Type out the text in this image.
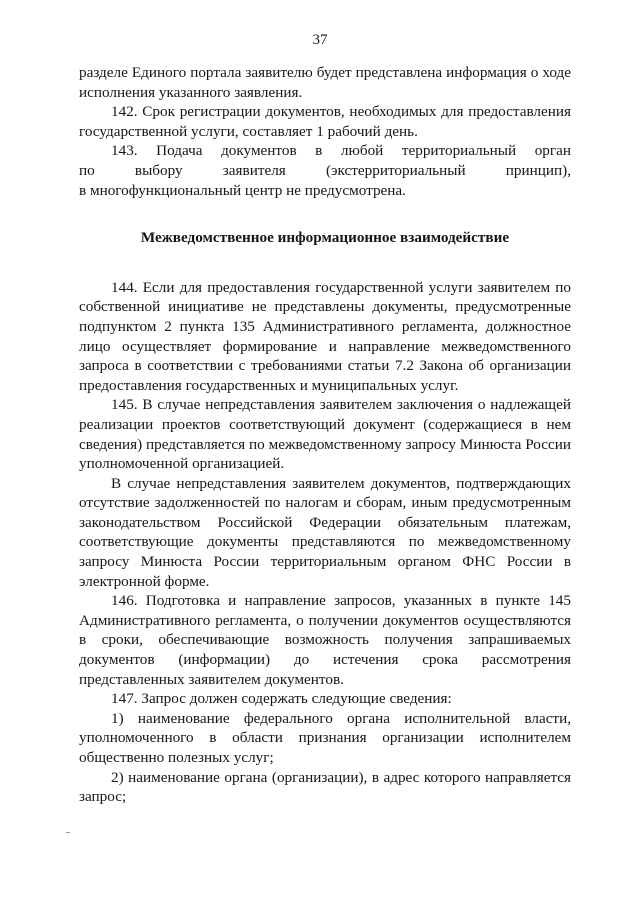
37

разделе Единого портала заявителю будет представлена информация о ходе исполнения указанного заявления.

142. Срок регистрации документов, необходимых для предоставления государственной услуги, составляет 1 рабочий день.

143. Подача документов в любой территориальный орган

по выбору заявителя (экстерриториальный принцип),

в многофункциональный центр не предусмотрена.

Межведомственное информационное взаимодействие

144. Если для предоставления государственной услуги заявителем по собственной инициативе не представлены документы, предусмотренные подпунктом 2 пункта 135 Административного регламента, должностное лицо осуществляет формирование и направление межведомственного запроса в соответствии с требованиями статьи 7.2 Закона об организации предоставления государственных и муниципальных услуг.

145. В случае непредставления заявителем заключения о надлежащей реализации проектов соответствующий документ (содержащиеся в нем сведения) представляется по межведомственному запросу Минюста России уполномоченной организацией.

В случае непредставления заявителем документов, подтверждающих отсутствие задолженностей по налогам и сборам, иным предусмотренным законодательством Российской Федерации обязательным платежам, соответствующие документы представляются по межведомственному запросу Минюста России территориальным органом ФНС России в электронной форме.

146. Подготовка и направление запросов, указанных в пункте 145 Административного регламента, о получении документов осуществляются в сроки, обеспечивающие возможность получения запрашиваемых документов (информации) до истечения срока рассмотрения представленных заявителем документов.

147. Запрос должен содержать следующие сведения:

1) наименование федерального органа исполнительной власти, уполномоченного в области признания организации исполнителем общественно полезных услуг;

2) наименование органа (организации), в адрес которого направляется запрос;
